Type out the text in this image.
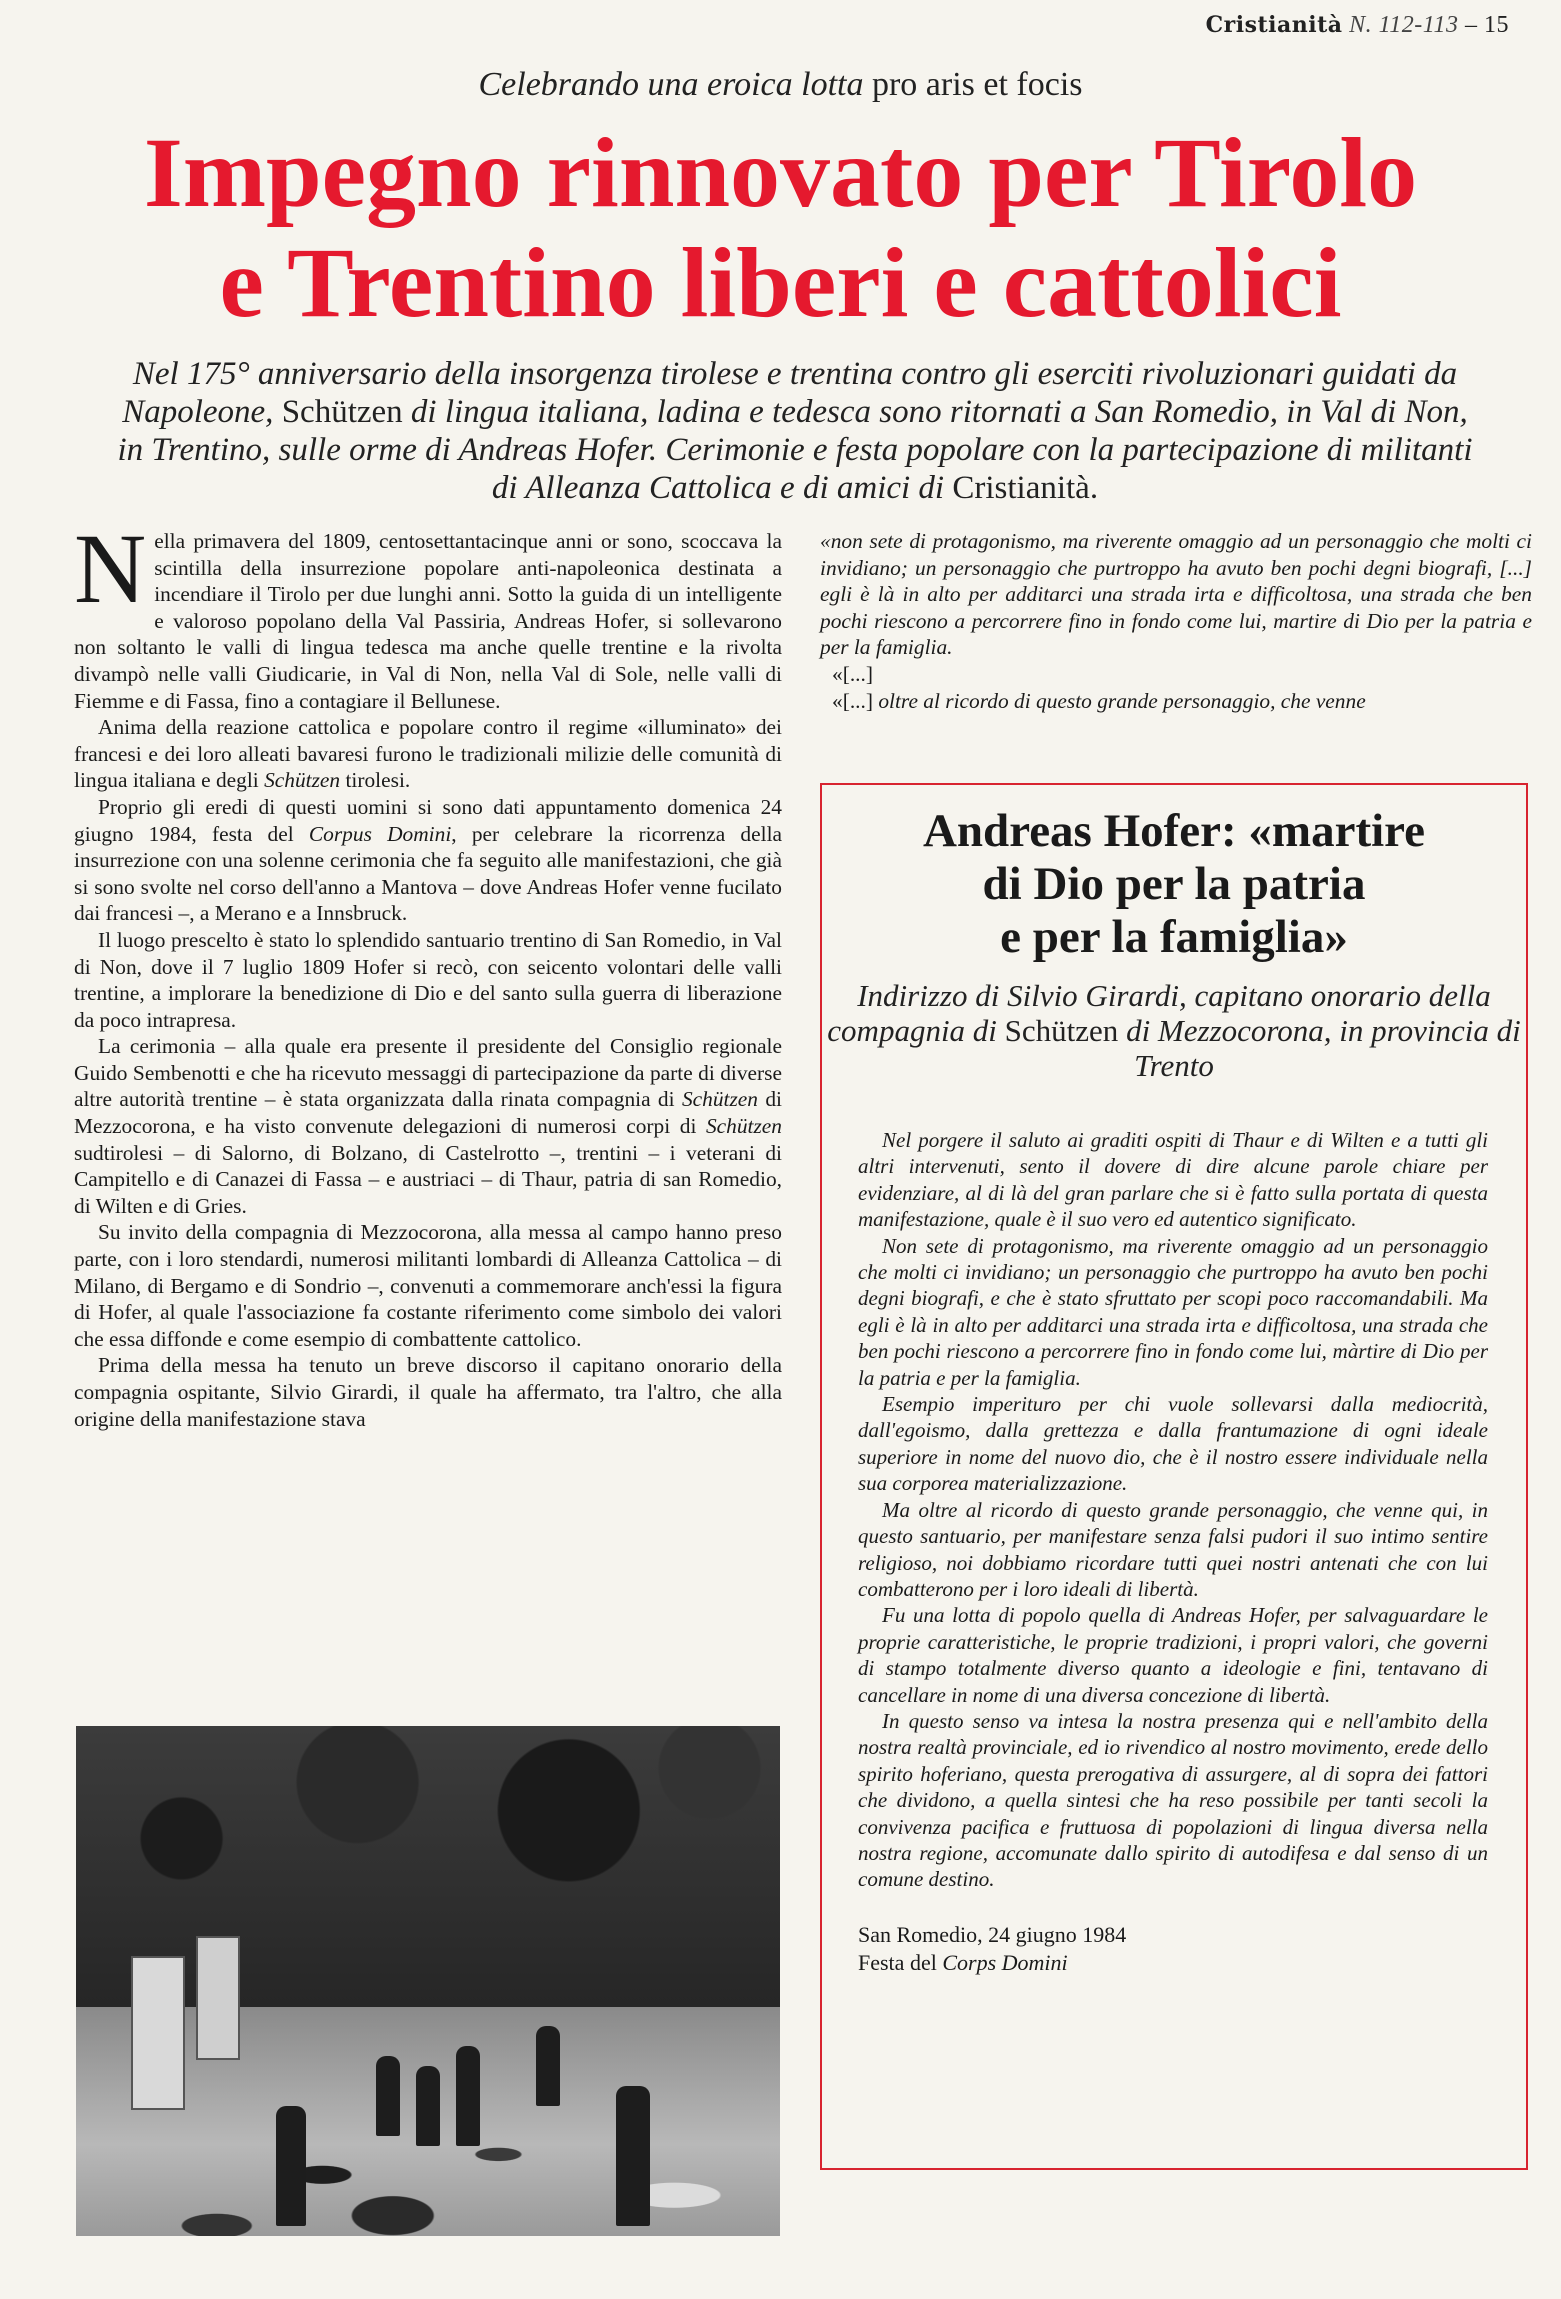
Cristianità N. 112-113 – 15
Celebrando una eroica lotta pro aris et focis
Impegno rinnovato per Tirolo
e Trentino liberi e cattolici
Nel 175° anniversario della insorgenza tirolese e trentina contro gli eserciti rivoluzionari guidati da Napoleone, Schützen di lingua italiana, ladina e tedesca sono ritornati a San Romedio, in Val di Non, in Trentino, sulle orme di Andreas Hofer. Cerimonie e festa popolare con la partecipazione di militanti di Alleanza Cattolica e di amici di Cristianità.

Nella primavera del 1809, centosettantacinque anni or sono, scoccava la scintilla della insurrezione popolare anti-napoleonica destinata a incendiare il Tirolo per due lunghi anni. Sotto la guida di un intelligente e valoroso popolano della Val Passiria, Andreas Hofer, si sollevarono non soltanto le valli di lingua tedesca ma anche quelle trentine e la rivolta divampò nelle valli Giudicarie, in Val di Non, nella Val di Sole, nelle valli di Fiemme e di Fassa, fino a contagiare il Bellunese.

Anima della reazione cattolica e popolare contro il regime «illuminato» dei francesi e dei loro alleati bavaresi furono le tradizionali milizie delle comunità di lingua italiana e degli Schützen tirolesi.

Proprio gli eredi di questi uomini si sono dati appuntamento domenica 24 giugno 1984, festa del Corpus Domini, per celebrare la ricorrenza della insurrezione con una solenne cerimonia che fa seguito alle manifestazioni, che già si sono svolte nel corso dell'anno a Mantova – dove Andreas Hofer venne fucilato dai francesi –, a Merano e a Innsbruck.

Il luogo prescelto è stato lo splendido santuario trentino di San Romedio, in Val di Non, dove il 7 luglio 1809 Hofer si recò, con seicento volontari delle valli trentine, a implorare la benedizione di Dio e del santo sulla guerra di liberazione da poco intrapresa.

La cerimonia – alla quale era presente il presidente del Consiglio regionale Guido Sembenotti e che ha ricevuto messaggi di partecipazione da parte di diverse altre autorità trentine – è stata organizzata dalla rinata compagnia di Schützen di Mezzocorona, e ha visto convenute delegazioni di numerosi corpi di Schützen sudtirolesi – di Salorno, di Bolzano, di Castelrotto –, trentini – i veterani di Campitello e di Canazei di Fassa – e austriaci – di Thaur, patria di san Romedio, di Wilten e di Gries.

Su invito della compagnia di Mezzocorona, alla messa al campo hanno preso parte, con i loro stendardi, numerosi militanti lombardi di Alleanza Cattolica – di Milano, di Bergamo e di Sondrio –, convenuti a commemorare anch'essi la figura di Hofer, al quale l'associazione fa costante riferimento come simbolo dei valori che essa diffonde e come esempio di combattente cattolico.

Prima della messa ha tenuto un breve discorso il capitano onorario della compagnia ospitante, Silvio Girardi, il quale ha affermato, tra l'altro, che alla origine della manifestazione stava

«non sete di protagonismo, ma riverente omaggio ad un personaggio che molti ci invidiano; un personaggio che purtroppo ha avuto ben pochi degni biografi, [...] egli è là in alto per additarci una strada irta e difficoltosa, una strada che ben pochi riescono a percorrere fino in fondo come lui, martire di Dio per la patria e per la famiglia.

«[...]

«[...] oltre al ricordo di questo grande personaggio, che venne

Andreas Hofer: «martire
di Dio per la patria
e per la famiglia»
Indirizzo di Silvio Girardi, capitano onorario della compagnia di Schützen di Mezzocorona, in provincia di Trento

Nel porgere il saluto ai graditi ospiti di Thaur e di Wilten e a tutti gli altri intervenuti, sento il dovere di dire alcune parole chiare per evidenziare, al di là del gran parlare che si è fatto sulla portata di questa manifestazione, quale è il suo vero ed autentico significato.

Non sete di protagonismo, ma riverente omaggio ad un personaggio che molti ci invidiano; un personaggio che purtroppo ha avuto ben pochi degni biografi, e che è stato sfruttato per scopi poco raccomandabili. Ma egli è là in alto per additarci una strada irta e difficoltosa, una strada che ben pochi riescono a percorrere fino in fondo come lui, màrtire di Dio per la patria e per la famiglia.

Esempio imperituro per chi vuole sollevarsi dalla mediocrità, dall'egoismo, dalla grettezza e dalla frantumazione di ogni ideale superiore in nome del nuovo dio, che è il nostro essere individuale nella sua corporea materializzazione.

Ma oltre al ricordo di questo grande personaggio, che venne qui, in questo santuario, per manifestare senza falsi pudori il suo intimo sentire religioso, noi dobbiamo ricordare tutti quei nostri antenati che con lui combatterono per i loro ideali di libertà.

Fu una lotta di popolo quella di Andreas Hofer, per salvaguardare le proprie caratteristiche, le proprie tradizioni, i propri valori, che governi di stampo totalmente diverso quanto a ideologie e fini, tentavano di cancellare in nome di una diversa concezione di libertà.

In questo senso va intesa la nostra presenza qui e nell'ambito della nostra realtà provinciale, ed io rivendico al nostro movimento, erede dello spirito hoferiano, questa prerogativa di assurgere, al di sopra dei fattori che dividono, a quella sintesi che ha reso possibile per tanti secoli la convivenza pacifica e fruttuosa di popolazioni di lingua diversa nella nostra regione, accomunate dallo spirito di autodifesa e dal senso di un comune destino.

San Romedio, 24 giugno 1984
Festa del Corps Domini
